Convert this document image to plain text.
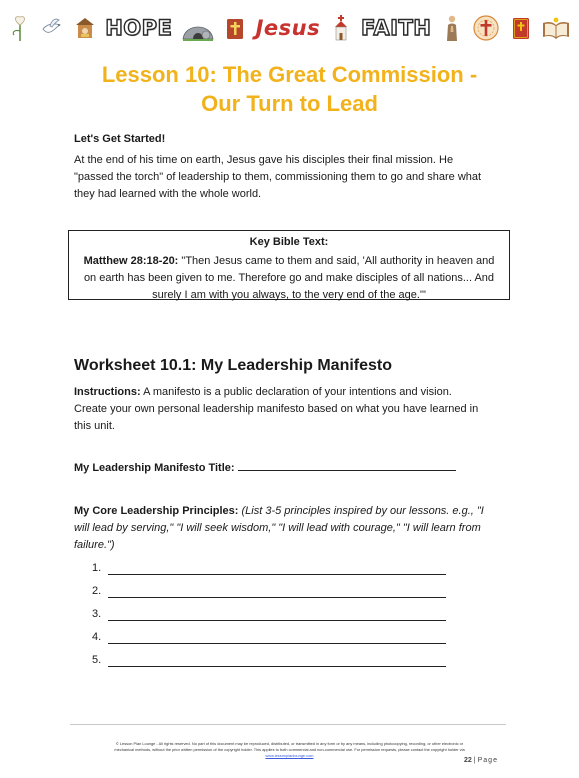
HOPE	Jesus FAITH
Lesson 10: The Great Commission -
Our Turn to Lead
Let's Get Started!
At the end of his time on earth, Jesus gave his disciples their final mission. He
"passed the torch" of leadership to them, commissioning them to go and share what
they had learned with the whole world.
Key Bible Text:
Matthew 28:18-20: "Then Jesus came to them and said, 'All authority in heaven and
on earth has been given to me. Therefore go and make disciples of all nations... And
surely I am with you always, to the very end of the age.'"
Worksheet 10.1: My Leadership Manifesto
Instructions: A manifesto is a public declaration of your intentions and vision.
Create your own personal leadership manifesto based on what you have learned in
this unit.
My Leadership Manifesto Title:
My Core Leadership Principles: (List 3-5 principles inspired by our lessons. e.g., "I
will lead by serving," "I will seek wisdom," "I will lead with courage," "I will learn from
failure.")
1.
2.
3.
4.
5.
© Lesson Plan Lounge - All rights reserved. No part of this document may be reproduced, distributed, or transmitted in any form or by any means, including photocopying, recording, or other electronic or
mechanical methods, without the prior written permission of the copyright holder. This applies to both commercial and non-commercial use. For permission requests, please contact the copyright holder via
www.lessonplanlounge.com
22 | Page
